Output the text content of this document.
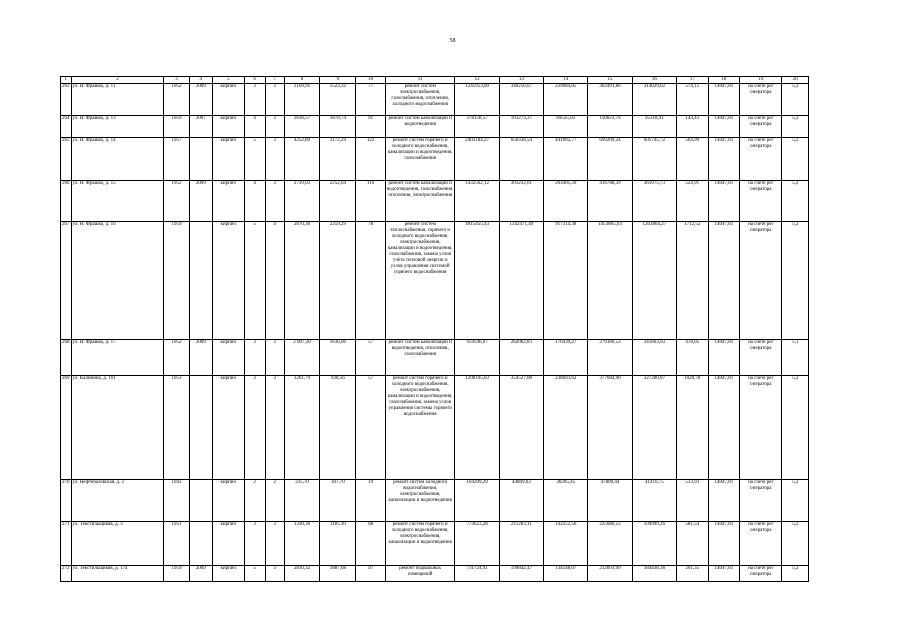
58
1	2	3	4	5	6	7	8	9	10	11	12	13	14	15	16	17	18	19	20
263	ул. Н. Фрашко, д. 11	1952	2009	кирпич	3	3	2169,91	1523,32	77	ремонт систем электроснабжения, газоснабжения, отопления, холодного водоснабжения	1245953,09	340256,67	229084,85	362491,86	314029,62	574,15	14047,81	на счете рег оператора	5,2
264	ул. Н. Фрашко, д. 13	1959	2007	кирпич	4	3	2636,57	1878,74	91	ремонт систем канализации и водоотведения	378158,57	103273,37	69535,03	110023,79	95318,41	143,43	14047,81	на счете рег оператора	5,2
265	ул. Н. Фрашко, д. 14	1957		кирпич	5	3	4252,89	3172,29	122	ремонт систем горячего и холодного водоснабжения, канализации и водоотведения, газоснабжения	2403184,27	656338,54	441892,77	699209,24	605745,72	564,99	14047,81	на счете рег оператора	5,2
266	ул. Н. Фрашко, д. 15	1952	2009	кирпич	4	3	2729,03	2252,64	110	ремонт систем канализации и водоотведения, газоснабжения, отопления, электроснабжения	1432562,12	391232,61	263405,39	416788,39	361075,73	524,91	14047,81	на счете рег оператора	5,2
267	ул. Н. Фрашко, д. 16	1959		кирпич	5	4	2870,30	2259,29	78	ремонт систем теплоснабжения, горячего и холодного водоснабжения, электроснабжения, канализации и водоотведения, газоснабжения, замена узлов учёта тепловой энергии и узлов управления системой горячего водоснабжения	4915455,43	1342471,49	917314,38	1453805,03	1201864,27	1712,52	14047,81	на счете рег оператора	5,2
268	ул. Н. Фрашко, д. 17	1952	2009	кирпич	3	3	2 007,20	1636,06	57	ремонт систем канализации и водоотведения, отопления, газоснабжения	959546,07	262062,83	176439,27	279180,53	241863,03	478,05	14047,81	на счете рег оператора	5,1
269	ул. Калинина, д. 101	1953		кирпич	3	3	1261,79	938,56	57	ремонт систем горячего и холодного водоснабжения, электроснабжения, канализации и водоотведения, газоснабжения, замена узлов управления системы горячего водоснабжения	1298105,63	354527,08	238693,62	377684,90	327200,07	1028,78	14047,81	на счете рег оператора	5,2
270	ул. Нефтебазовская, д. 2	1943		кирпич	2	2	335,70	307,70	19	ремонт систем холодного водоснабжения, электроснабжения, канализации и водоотведения	164209,29	44869,63	30205,45	47800,44	41410,75	533,93	14047,81	на счете рег оператора	5,2
271	ул. Текстильщиков, д. 3	1951		кирпич	3	3	1330,36	1185,10	68	ремонт систем горячего и холодного водоснабжения, электроснабжения, канализации и водоотведения	773623,28	211283,11	142252,56	225086,53	194999,26	581,54	14047,81	на счете рег оператора	5,2
272	ул. Текстильщиков, д. 17а	1959	2009	кирпич	5	3	2810,32	1887,68	97	ремонт подвальных помещений	731724,91	199842,47	134548,07	212893,99	184438,38	261,35	14047,81	на счете рег оператора	5,2
